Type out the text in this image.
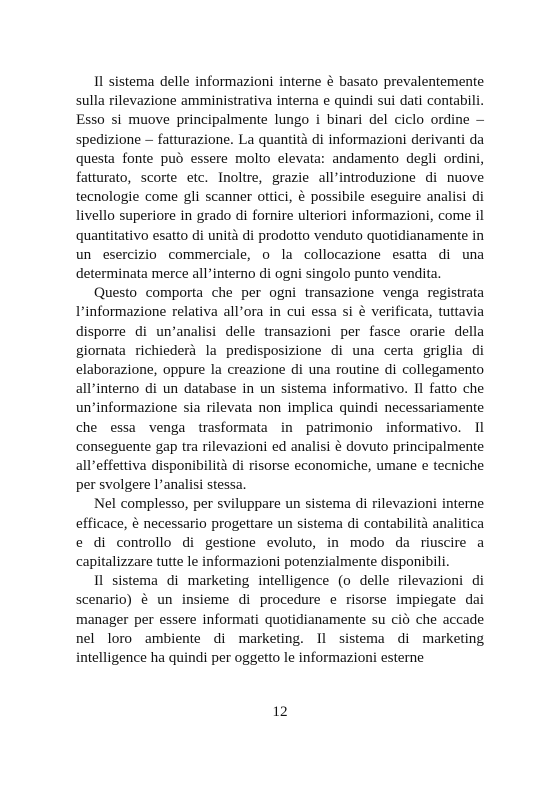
Il sistema delle informazioni interne è basato prevalentemente sulla rilevazione amministrativa interna e quindi sui dati contabili. Esso si muove principalmente lungo i binari del ciclo ordine – spedizione – fatturazione. La quantità di informazioni derivanti da questa fonte può essere molto elevata: andamento degli ordini, fatturato, scorte etc. Inoltre, grazie all’introduzione di nuove tecnologie come gli scanner ottici, è possibile eseguire analisi di livello superiore in grado di fornire ulteriori informazioni, come il quantitativo esatto di unità di prodotto venduto quotidianamente in un esercizio commerciale, o la collocazione esatta di una determinata merce all’interno di ogni singolo punto vendita.

Questo comporta che per ogni transazione venga registrata l’informazione relativa all’ora in cui essa si è verificata, tuttavia disporre di un’analisi delle transazioni per fasce orarie della giornata richiederà la predisposizione di una certa griglia di elaborazione, oppure la creazione di una routine di collegamento all’interno di un database in un sistema informativo. Il fatto che un’informazione sia rilevata non implica quindi necessariamente che essa venga trasformata in patrimonio informativo. Il conseguente gap tra rilevazioni ed analisi è dovuto principalmente all’effettiva disponibilità di risorse economiche, umane e tecniche per svolgere l’analisi stessa.

Nel complesso, per sviluppare un sistema di rilevazioni interne efficace, è necessario progettare un sistema di contabilità analitica e di controllo di gestione evoluto, in modo da riuscire a capitalizzare tutte le informazioni potenzialmente disponibili.

Il sistema di marketing intelligence (o delle rilevazioni di scenario) è un insieme di procedure e risorse impiegate dai manager per essere informati quotidianamente su ciò che accade nel loro ambiente di marketing. Il sistema di marketing intelligence ha quindi per oggetto le informazioni esterne

12
